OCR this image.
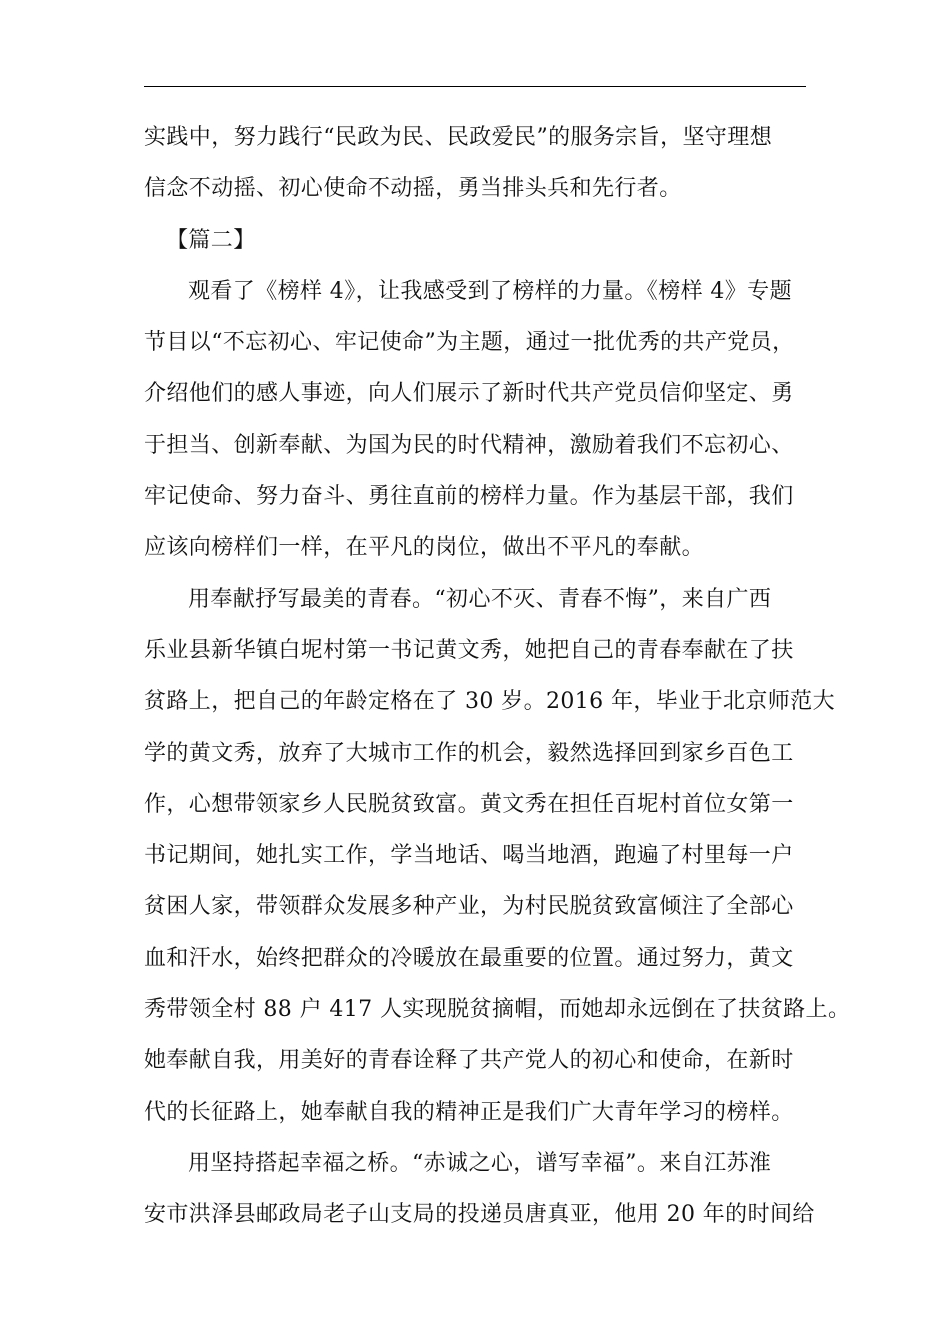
实践中，努力践行“民政为民、民政爱民”的服务宗旨，坚守理想
信念不动摇、初心使命不动摇，勇当排头兵和先行者。
【篇二】
观看了《榜样 4》，让我感受到了榜样的力量。《榜样 4》专题
节目以“不忘初心、牢记使命”为主题，通过一批优秀的共产党员，
介绍他们的感人事迹，向人们展示了新时代共产党员信仰坚定、勇
于担当、创新奉献、为国为民的时代精神，激励着我们不忘初心、
牢记使命、努力奋斗、勇往直前的榜样力量。作为基层干部，我们
应该向榜样们一样，在平凡的岗位，做出不平凡的奉献。
用奉献抒写最美的青春。“初心不灭、青春不悔”，来自广西
乐业县新华镇白坭村第一书记黄文秀，她把自己的青春奉献在了扶
贫路上，把自己的年龄定格在了 30 岁。2016 年，毕业于北京师范大
学的黄文秀，放弃了大城市工作的机会，毅然选择回到家乡百色工
作，心想带领家乡人民脱贫致富。黄文秀在担任百坭村首位女第一
书记期间，她扎实工作，学当地话、喝当地酒，跑遍了村里每一户
贫困人家，带领群众发展多种产业，为村民脱贫致富倾注了全部心
血和汗水，始终把群众的冷暖放在最重要的位置。通过努力，黄文
秀带领全村 88 户 417 人实现脱贫摘帽，而她却永远倒在了扶贫路上。
她奉献自我，用美好的青春诠释了共产党人的初心和使命，在新时
代的长征路上，她奉献自我的精神正是我们广大青年学习的榜样。
用坚持搭起幸福之桥。“赤诚之心，谱写幸福”。来自江苏淮
安市洪泽县邮政局老子山支局的投递员唐真亚，他用 20 年的时间给
